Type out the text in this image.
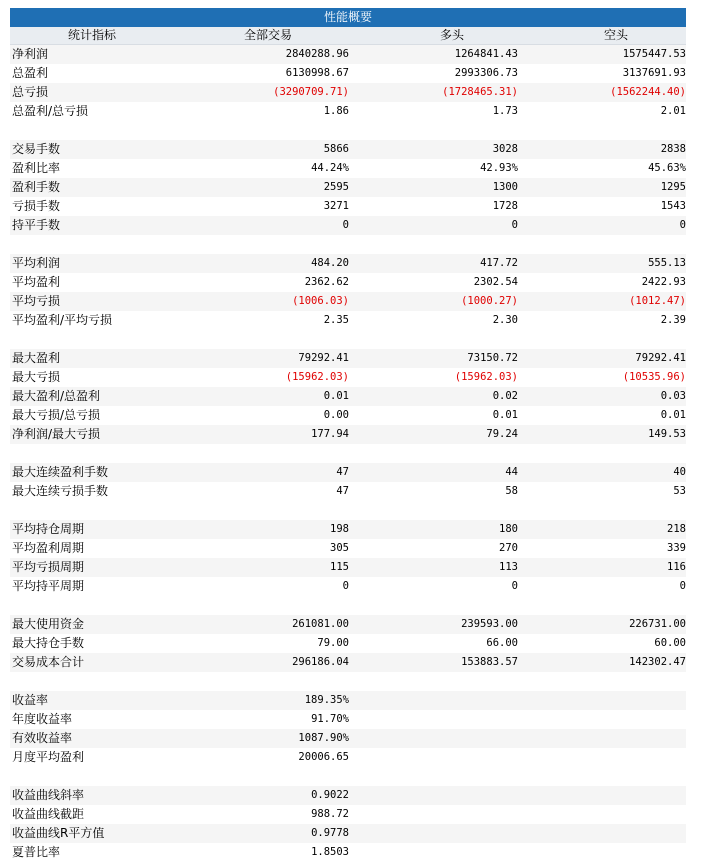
性能概要
统计指标	全部交易	多头	空头
净利润	2840288.96	1264841.43	1575447.53
总盈利	6130998.67	2993306.73	3137691.93
总亏损	(3290709.71)	(1728465.31)	(1562244.40)
总盈利/总亏损	1.86	1.73	2.01
交易手数	5866	3028	2838
盈利比率	44.24%	42.93%	45.63%
盈利手数	2595	1300	1295
亏损手数	3271	1728	1543
持平手数	0	0	0
平均利润	484.20	417.72	555.13
平均盈利	2362.62	2302.54	2422.93
平均亏损	(1006.03)	(1000.27)	(1012.47)
平均盈利/平均亏损	2.35	2.30	2.39
最大盈利	79292.41	73150.72	79292.41
最大亏损	(15962.03)	(15962.03)	(10535.96)
最大盈利/总盈利	0.01	0.02	0.03
最大亏损/总亏损	0.00	0.01	0.01
净利润/最大亏损	177.94	79.24	149.53
最大连续盈利手数	47	44	40
最大连续亏损手数	47	58	53
平均持仓周期	198	180	218
平均盈利周期	305	270	339
平均亏损周期	115	113	116
平均持平周期	0	0	0
最大使用资金	261081.00	239593.00	226731.00
最大持仓手数	79.00	66.00	60.00
交易成本合计	296186.04	153883.57	142302.47
收益率	189.35%
年度收益率	91.70%
有效收益率	1087.90%
月度平均盈利	20006.65
收益曲线斜率	0.9022
收益曲线截距	988.72
收益曲线R平方值	0.9778
夏普比率	1.8503
